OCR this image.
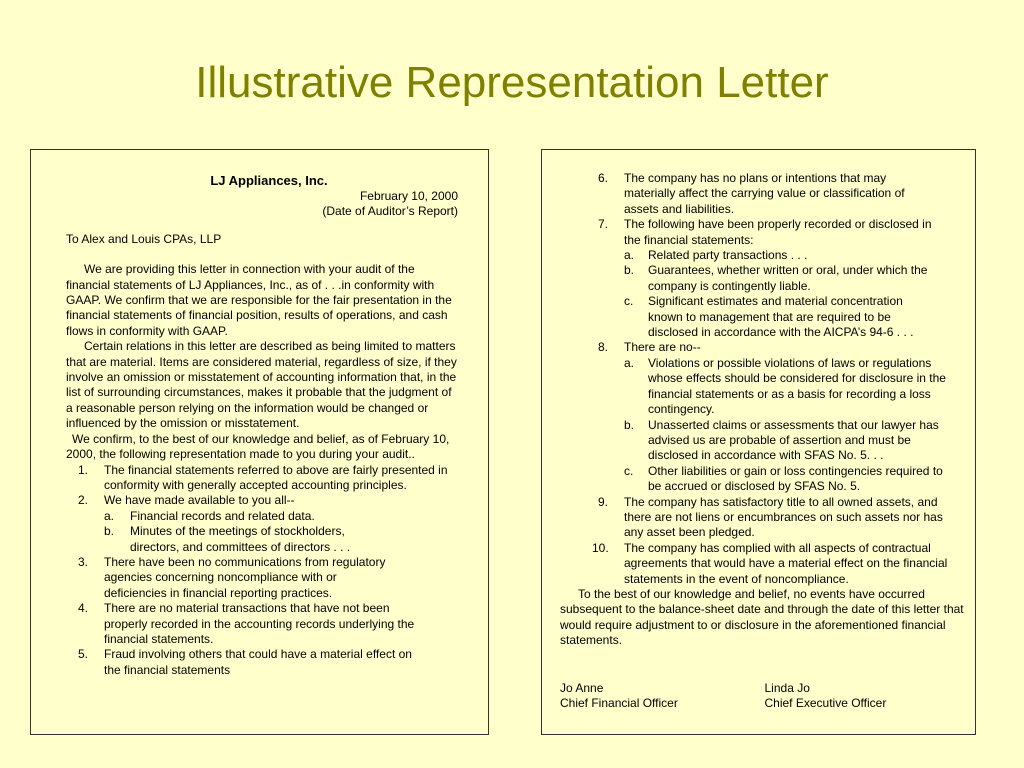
Illustrative Representation Letter
LJ Appliances, Inc.
February 10, 2000
(Date of Auditor’s Report)

To Alex and Louis CPAs, LLP

We are providing this letter in connection with your audit of the financial statements of LJ Appliances, Inc., as of . . .in conformity with GAAP. We confirm that we are responsible for the fair presentation in the financial statements of financial position, results of operations, and cash flows in conformity with GAAP.

Certain relations in this letter are described as being limited to matters that are material. Items are considered material, regardless of size, if they involve an omission or misstatement of accounting information that, in the list of surrounding circumstances, makes it probable that the judgment of a reasonable person relying on the information would be changed or influenced by the omission or misstatement.

We confirm, to the best of our knowledge and belief, as of February 10, 2000, the following representation made to you during your audit..

1. The financial statements referred to above are fairly presented in conformity with generally accepted accounting principles.
2. We have made available to you all--
a. Financial records and related data.
b. Minutes of the meetings of stockholders, directors, and committees of directors . . .
3. There have been no communications from regulatory agencies concerning noncompliance with or deficiencies in financial reporting practices.
4. There are no material transactions that have not been properly recorded in the accounting records underlying the financial statements.
5. Fraud involving others that could have a material effect on the financial statements
6. The company has no plans or intentions that may materially affect the carrying value or classification of assets and liabilities.
7. The following have been properly recorded or disclosed in the financial statements:
a. Related party transactions . . .
b. Guarantees, whether written or oral, under which the company is contingently liable.
c. Significant estimates and material concentration known to management that are required to be disclosed in accordance with the AICPA’s 94-6 . . .
8. There are no--
a. Violations or possible violations of laws or regulations whose effects should be considered for disclosure in the financial statements or as a basis for recording a loss contingency.
b. Unasserted claims or assessments that our lawyer has advised us are probable of assertion and must be disclosed in accordance with SFAS No. 5. . .
c. Other liabilities or gain or loss contingencies required to be accrued or disclosed by SFAS No. 5.
9. The company has satisfactory title to all owned assets, and there are not liens or encumbrances on such assets nor has any asset been pledged.
10. The company has complied with all aspects of contractual agreements that would have a material effect on the financial statements in the event of noncompliance.

To the best of our knowledge and belief, no events have occurred subsequent to the balance-sheet date and through the date of this letter that would require adjustment to or disclosure in the aforementioned financial statements.

Jo Anne
Chief Financial Officer
Linda Jo
Chief Executive Officer
